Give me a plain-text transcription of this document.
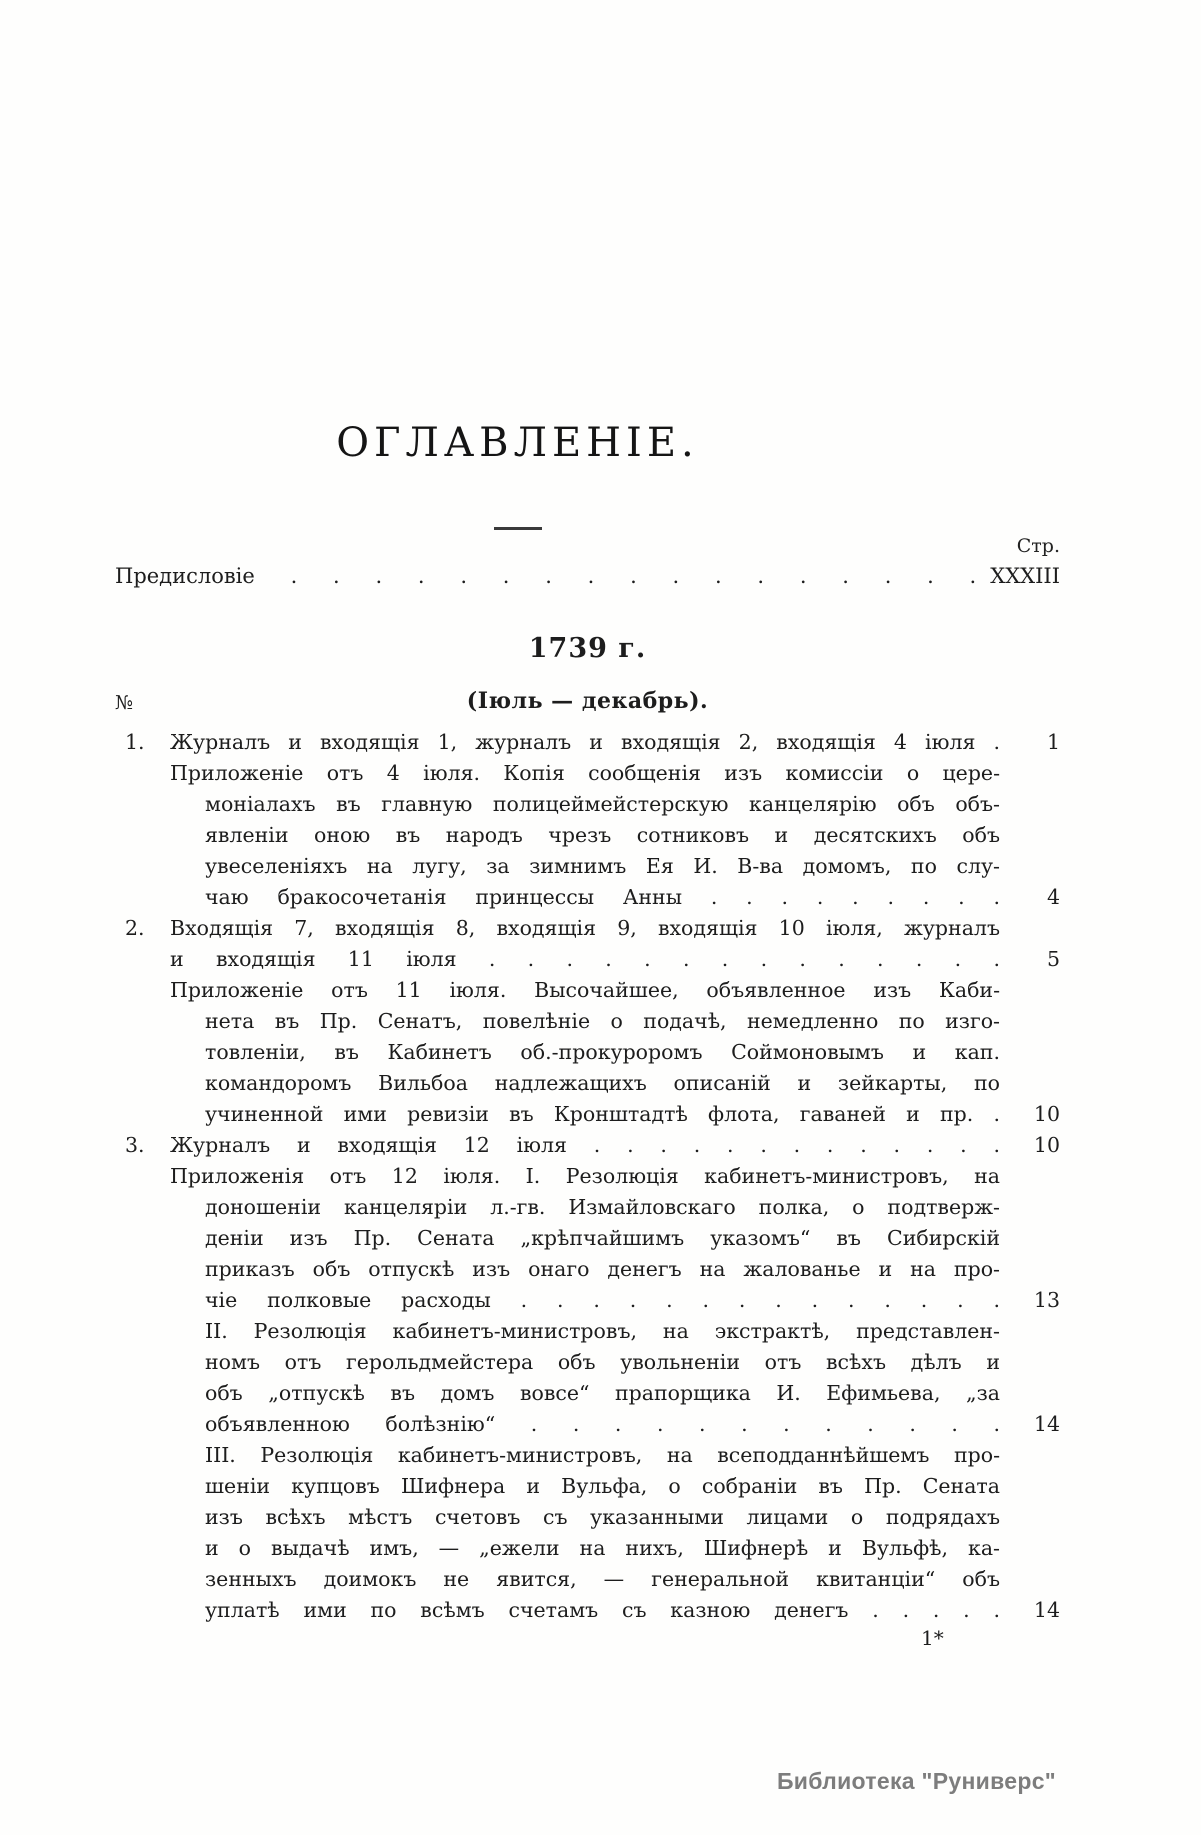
ОГЛАВЛЕНІЕ.
Стр.
Предисловіе . . . . . . . . . . . . . . . . . XXXIII
1739 г.
№	(Іюль — декабрь).
1.	Журналъ и входящія 1, журналъ и входящія 2, входящія 4 іюля .	1
Приложеніе отъ 4 іюля. Копія сообщенія изъ комиссіи о цере-
моніалахъ въ главную полицеймейстерскую канцелярію объ объ-
явленіи оною въ народъ чрезъ сотниковъ и десятскихъ объ
увеселеніяхъ на лугу, за зимнимъ Ея И. В-ва домомъ, по слу-
чаю бракосочетанія принцессы Анны . . . . . . . . .	4
2.	Входящія 7, входящія 8, входящія 9, входящія 10 іюля, журналъ
и входящія 11 іюля . . . . . . . . . . . . . .	5
Приложеніе отъ 11 іюля. Высочайшее, объявленное изъ Каби-
нета въ Пр. Сенатъ, повелѣніе о подачѣ, немедленно по изго-
товленіи, въ Кабинетъ об.-прокуроромъ Соймоновымъ и кап.
командоромъ Вильбоа надлежащихъ описаній и зейкарты, по
учиненной ими ревизіи въ Кронштадтѣ флота, гаваней и пр. .	10
3.	Журналъ и входящія 12 іюля . . . . . . . . . . . . .	10
Приложенія отъ 12 іюля. І. Резолюція кабинетъ-министровъ, на
доношеніи канцеляріи л.-гв. Измайловскаго полка, о подтверж-
деніи изъ Пр. Сената „крѣпчайшимъ указомъ“ въ Сибирскій
приказъ объ отпускѣ изъ онаго денегъ на жалованье и на про-
чіе полковые расходы . . . . . . . . . . . . . .	13
ІІ. Резолюція кабинетъ-министровъ, на экстрактѣ, представлен-
номъ отъ герольдмейстера объ увольненіи отъ всѣхъ дѣлъ и
объ „отпускѣ въ домъ вовсе“ прапорщика И. Ефимьева, „за
объявленною болѣзнію“ . . . . . . . . . . . .	14
ІІІ. Резолюція кабинетъ-министровъ, на всеподданнѣйшемъ про-
шеніи купцовъ Шифнера и Вульфа, о собраніи въ Пр. Сената
изъ всѣхъ мѣстъ счетовъ съ указанными лицами о подрядахъ
и о выдачѣ имъ, — „ежели на нихъ, Шифнерѣ и Вульфѣ, ка-
зенныхъ доимокъ не явится, — генеральной квитанціи“ объ
уплатѣ ими по всѣмъ счетамъ съ казною денегъ . . . . .	14
1*
Библиотека "Руниверс"
